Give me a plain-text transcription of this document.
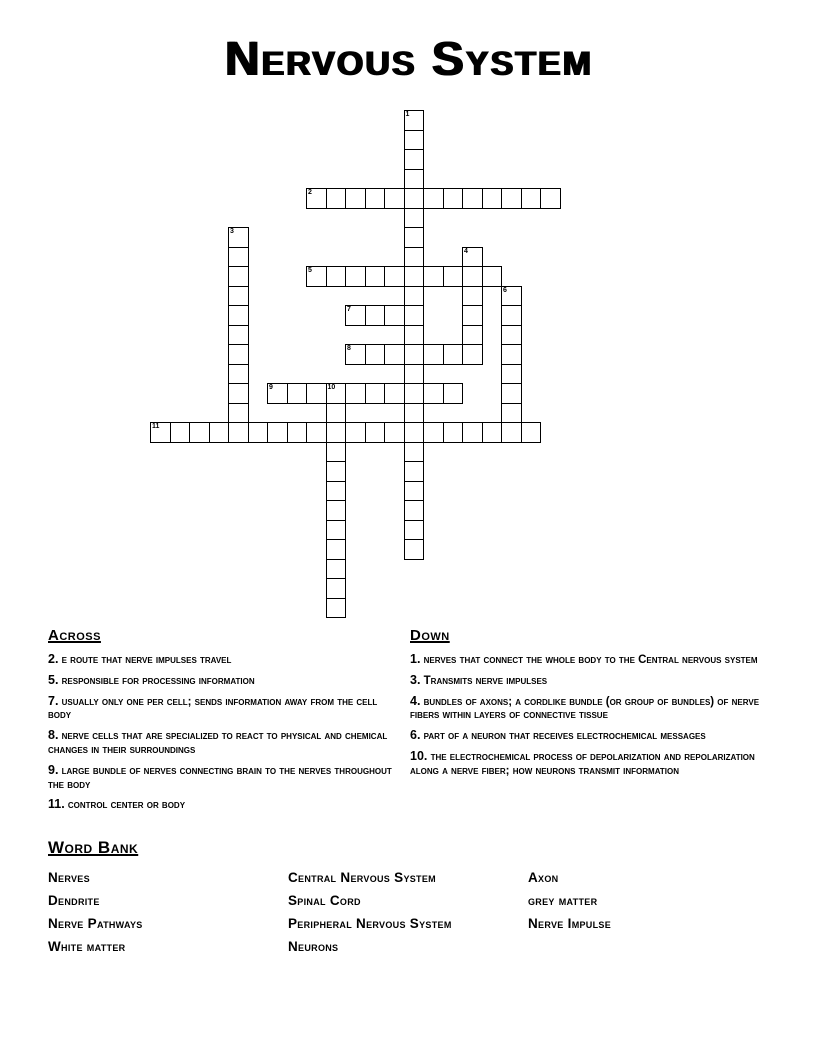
Nervous System
1
2
3
4
5
6
7
8
9	10
11
Across
2. e route that nerve impulses travel
5. responsible for processing information
7. usually only one per cell; sends information away from the cell body
8. nerve cells that are specialized to react to physical and chemical changes in their surroundings
9. large bundle of nerves connecting brain to the nerves throughout the body
11. control center or body
Down
1. nerves that connect the whole body to the Central nervous system
3. Transmits nerve impulses
4. bundles of axons; a cordlike bundle (or group of bundles) of nerve fibers within layers of connective tissue
6. part of a neuron that receives electrochemical messages
10. the electrochemical process of depolarization and repolarization along a nerve fiber; how neurons transmit information
Word Bank
Nerves
Dendrite
Nerve Pathways
White matter
Central Nervous System
Spinal Cord
Peripheral Nervous System
Neurons
Axon
grey matter
Nerve Impulse
